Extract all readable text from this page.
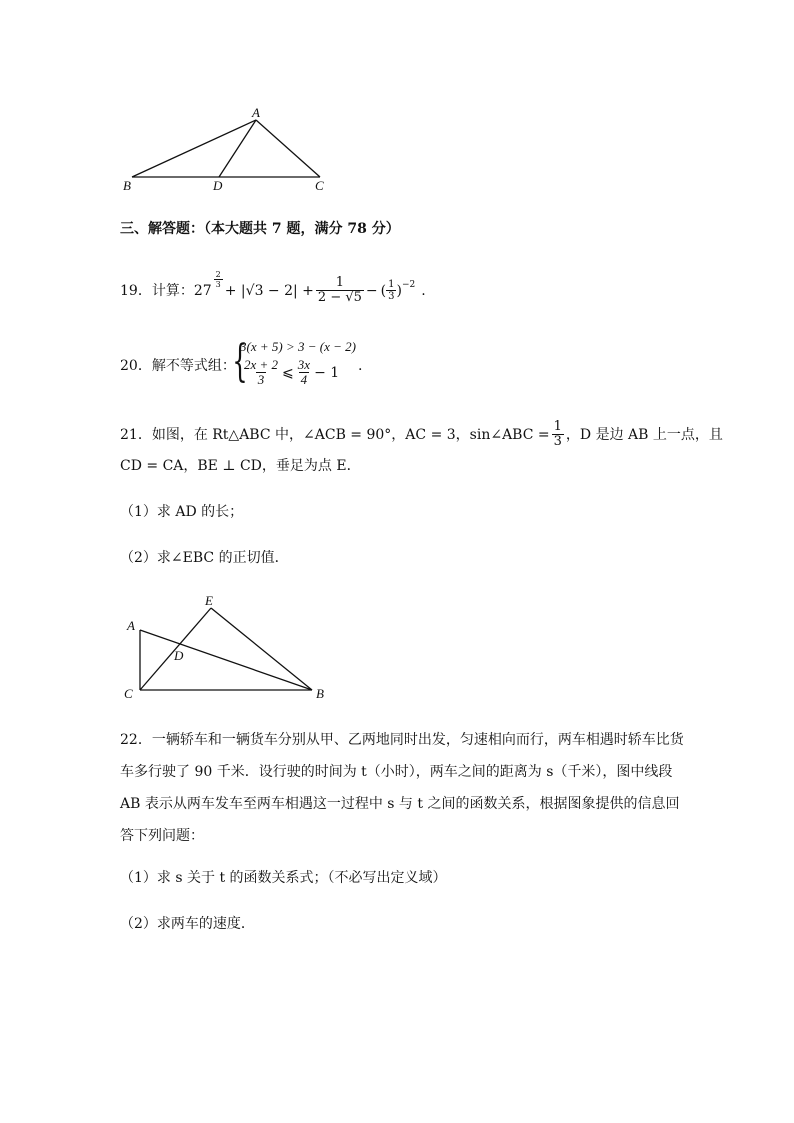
A
B	D	C
三、解答题：（本大题共 7 题，满分 78 分）
19． 计算： 27
$\frac{2}{3}$
+ $|√3 - 2| + \frac{1}{2 - √5}$ − ( $\frac{1}{3}$ ) −2 .
20．解不等式组：
{
3(x + 5) > 3 − (x − 2)
$\frac{2x + 2}{3}$ ⩽ $\frac{3x}{4} - 1$ .
21．如图，在 Rt△ABC 中，∠ACB = 90°，AC = 3，sin∠ABC = $\frac{1}{3}$ ，D 是边 AB 上一点，且
CD = CA，BE ⊥ CD，垂足为点 E．
（1）求 AD 的长；
（2）求∠EBC 的正切值．
E
A
D
C	B
22．一辆轿车和一辆货车分别从甲、乙两地同时出发，匀速相向而行，两车相遇时轿车比货
车多行驶了 90 千米．设行驶的时间为 t（小时），两车之间的距离为 s（千米），图中线段
AB 表示从两车发车至两车相遇这一过程中 s 与 t 之间的函数关系，根据图象提供的信息回
答下列问题：
（1）求 s 关于 t 的函数关系式；（不必写出定义域）
（2）求两车的速度．
